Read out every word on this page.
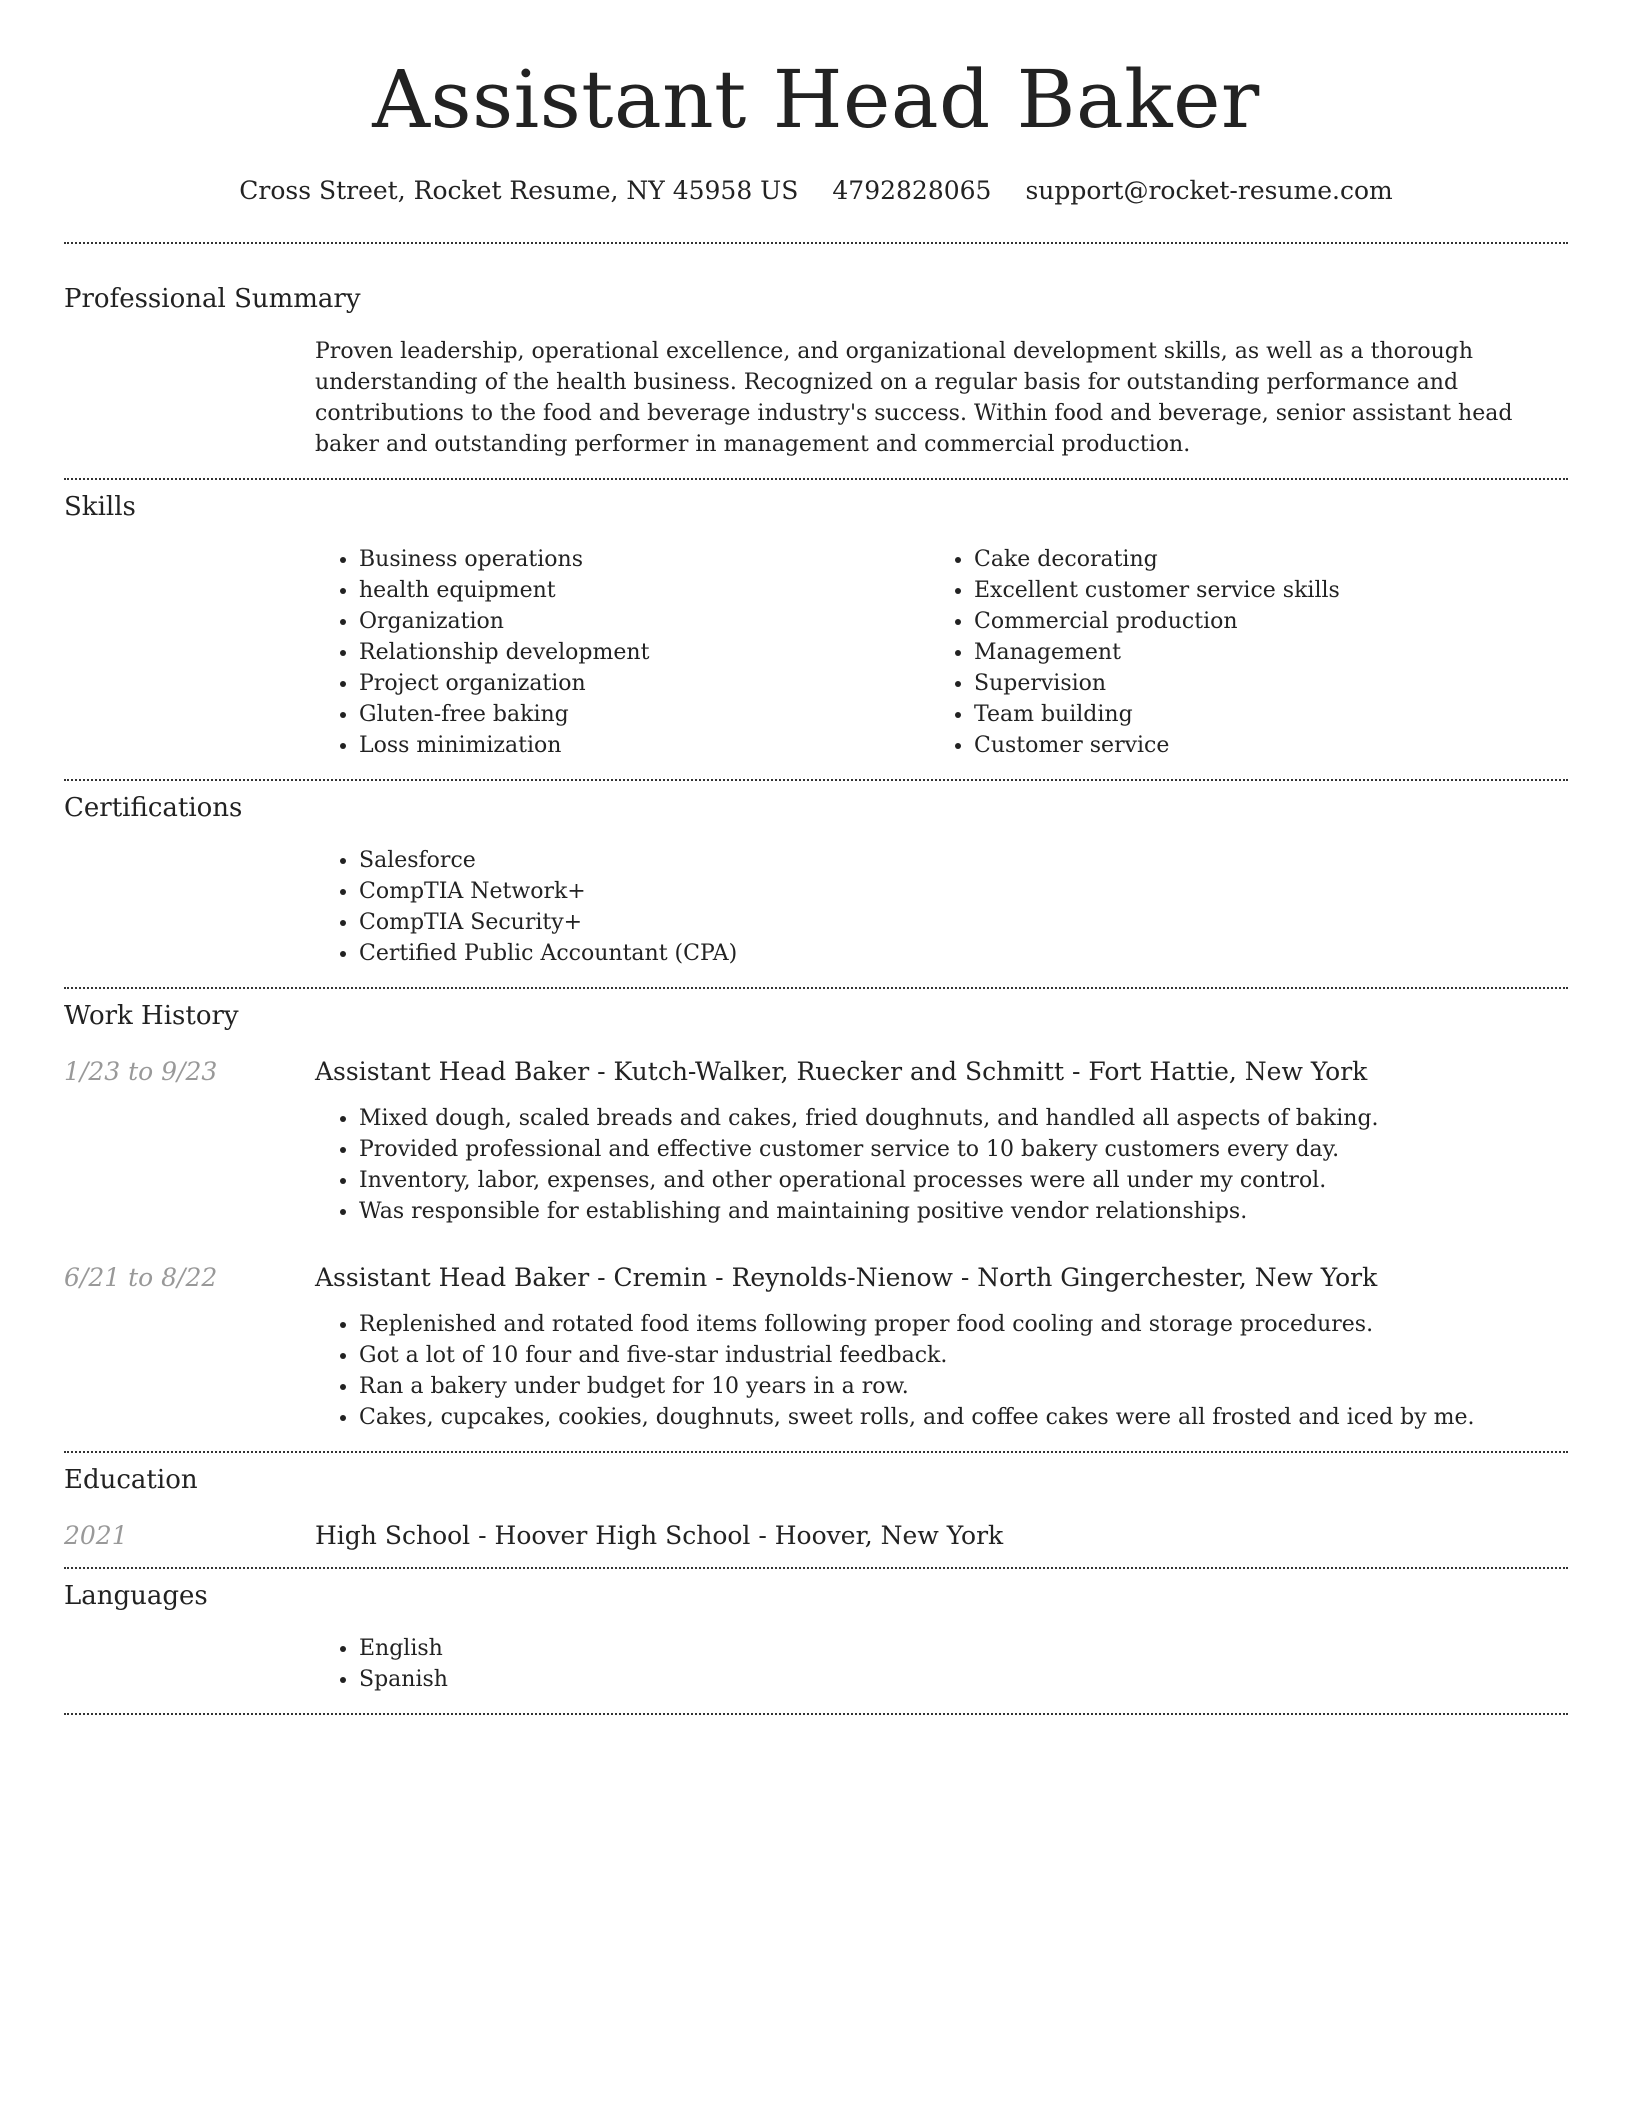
Assistant Head Baker
Cross Street, Rocket Resume, NY 45958 US 4792828065 support@rocket-resume.com
Professional Summary

Proven leadership, operational excellence, and organizational development skills, as well as a thorough understanding of the health business. Recognized on a regular basis for outstanding performance and contributions to the food and beverage industry's success. Within food and beverage, senior assistant head baker and outstanding performer in management and commercial production.

Skills
• Business operations
• health equipment
• Organization
• Relationship development
• Project organization
• Gluten-free baking
• Loss minimization
• Cake decorating
• Excellent customer service skills
• Commercial production
• Management
• Supervision
• Team building
• Customer service
Certifications
• Salesforce
• CompTIA Network+
• CompTIA Security+
• Certified Public Accountant (CPA)
Work History
1/23 to 9/23	Assistant Head Baker - Kutch-Walker, Ruecker and Schmitt - Fort Hattie, New York
• Mixed dough, scaled breads and cakes, fried doughnuts, and handled all aspects of baking.
• Provided professional and effective customer service to 10 bakery customers every day.
• Inventory, labor, expenses, and other operational processes were all under my control.
• Was responsible for establishing and maintaining positive vendor relationships.
6/21 to 8/22	Assistant Head Baker - Cremin - Reynolds-Nienow - North Gingerchester, New York
• Replenished and rotated food items following proper food cooling and storage procedures.
• Got a lot of 10 four and five-star industrial feedback.
• Ran a bakery under budget for 10 years in a row.
• Cakes, cupcakes, cookies, doughnuts, sweet rolls, and coffee cakes were all frosted and iced by me.
Education
2021	High School - Hoover High School - Hoover, New York
Languages
• English
• Spanish
